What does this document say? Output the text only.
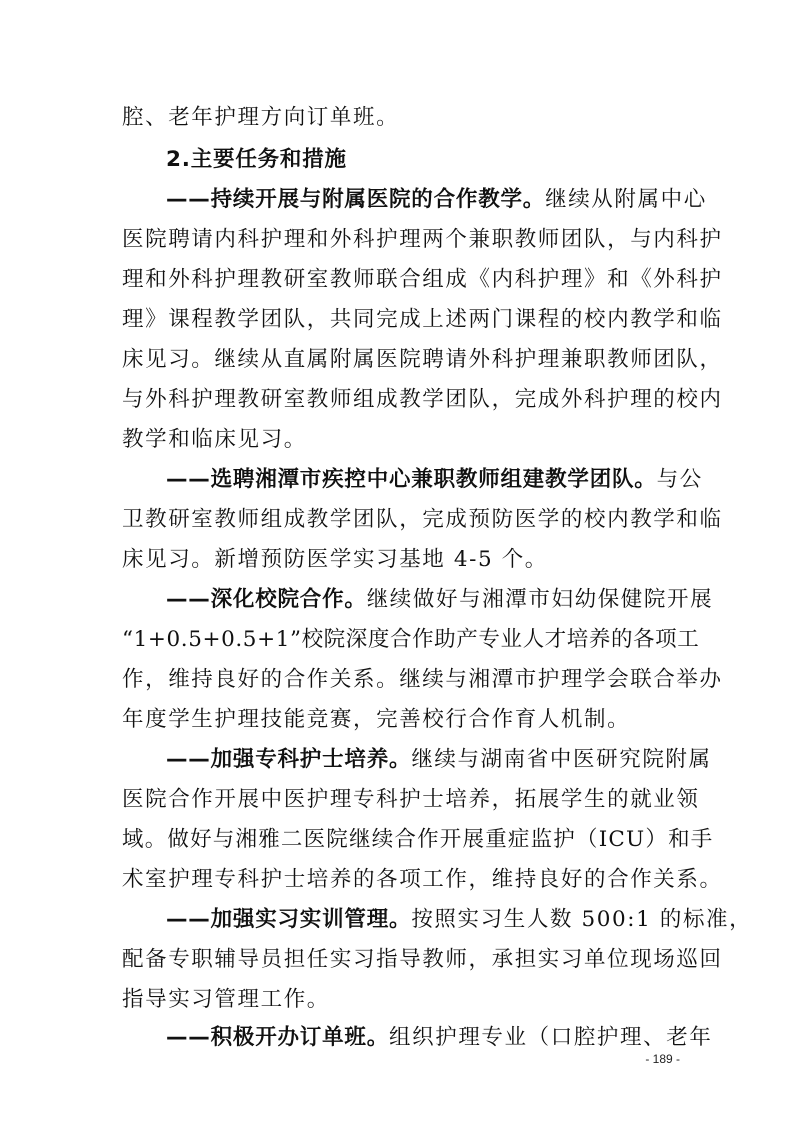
腔、老年护理方向订单班。
2.主要任务和措施
——持续开展与附属医院的合作教学。继续从附属中心
医院聘请内科护理和外科护理两个兼职教师团队，与内科护
理和外科护理教研室教师联合组成《内科护理》和《外科护
理》课程教学团队，共同完成上述两门课程的校内教学和临
床见习。继续从直属附属医院聘请外科护理兼职教师团队，
与外科护理教研室教师组成教学团队，完成外科护理的校内
教学和临床见习。
——选聘湘潭市疾控中心兼职教师组建教学团队。与公
卫教研室教师组成教学团队，完成预防医学的校内教学和临
床见习。新增预防医学实习基地 4-5 个。
——深化校院合作。继续做好与湘潭市妇幼保健院开展
“1+0.5+0.5+1”校院深度合作助产专业人才培养的各项工
作，维持良好的合作关系。继续与湘潭市护理学会联合举办
年度学生护理技能竞赛，完善校行合作育人机制。
——加强专科护士培养。继续与湖南省中医研究院附属
医院合作开展中医护理专科护士培养，拓展学生的就业领
域。做好与湘雅二医院继续合作开展重症监护（ICU）和手
术室护理专科护士培养的各项工作，维持良好的合作关系。
——加强实习实训管理。按照实习生人数 500:1 的标准，
配备专职辅导员担任实习指导教师，承担实习单位现场巡回
指导实习管理工作。
——积极开办订单班。组织护理专业（口腔护理、老年
- 189 -
